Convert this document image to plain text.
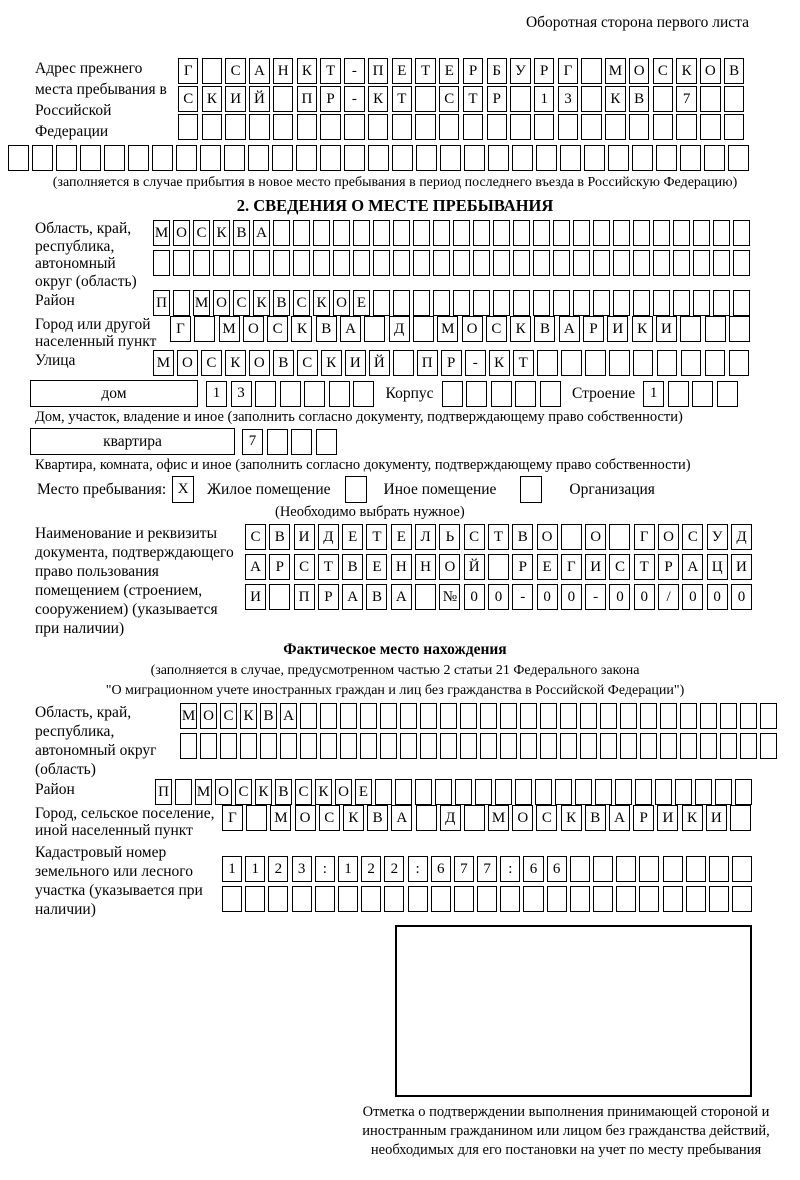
Оборотная сторона первого листа
Адрес прежнего места пребывания в Российской Федерации
Г	С А Н К Т	-	П Е Т Е Р	Б У Р	Г	М О С К О В
С К И Й	П Р	-	К Т	С Т Р	1	3	К В	7
(заполняется в случае прибытия в новое место пребывания в период последнего въезда в Российскую Федерацию)
2. СВЕДЕНИЯ О МЕСТЕ ПРЕБЫВАНИЯ
Область, край, республика, автономный округ (область)
М О С К В А
Район	П М О С К В С К О Е
Город или другой населенный пункт
Г	М О С К В А	Д	М О С К В А Р И К И
Улица	М О С К О В С К И Й	П Р	-	К Т
дом	1	3	Корпус	Строение 1
Дом, участок, владение и иное (заполнить согласно документу, подтверждающему право собственности)
квартира	7
Квартира, комната, офис и иное (заполнить согласно документу, подтверждающему право собственности)
Место пребывания: X	Жилое помещение	Иное помещение	Организация
(Необходимо выбрать нужное)
Наименование и реквизиты документа, подтверждающего право пользования помещением (строением, сооружением) (указывается при наличии)
С В И Д Е	Т	Е Л Ь С Т В О	О	Г О С У Д
А Р	С Т В Е Н Н О Й	Р	Е	Г И С Т	Р А Ц И
И	П Р А В А	№ 0	0	-	0	0	-	0	0	/	0	0	0
Фактическое место нахождения
(заполняется в случае, предусмотренном частью 2 статьи 21 Федерального закона
"О миграционном учете иностранных граждан и лиц без гражданства в Российской Федерации")
Область, край, республика, автономный округ (область)
М О С К В А
Район	П М О С К В С К О Е
Город, сельское поселение, иной населенный пункт
Г	М О С К В А	Д	М О С К В А Р И К И
Кадастровый номер земельного или лесного участка (указывается при наличии)
1	1	2	3	:	1	2	2	:	6	7	7	:	6	6
Отметка о подтверждении выполнения принимающей стороной и иностранным гражданином или лицом без гражданства действий, необходимых для его постановки на учет по месту пребывания
